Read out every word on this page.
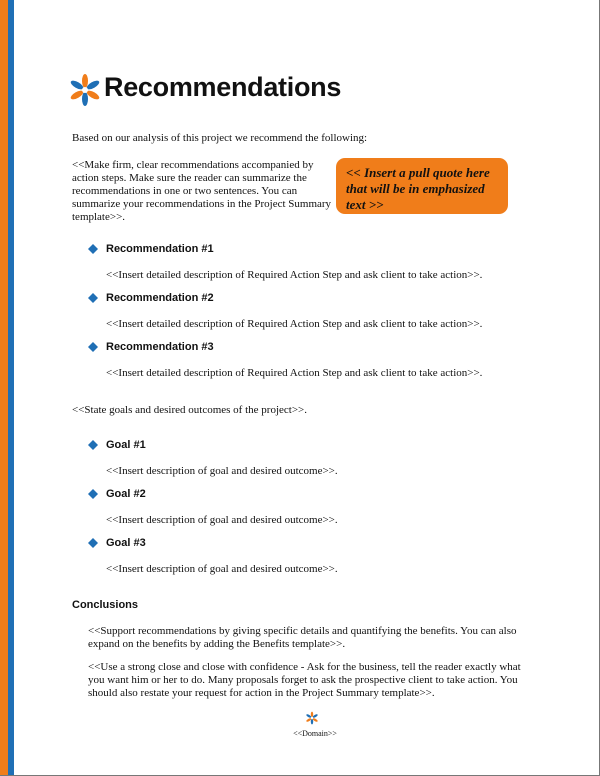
Recommendations
Based on our analysis of this project we recommend the following:
<<Make firm, clear recommendations accompanied by action steps. Make sure the reader can summarize the recommendations in one or two sentences. You can summarize your recommendations in the Project Summary template>>.
<< Insert a pull quote here that will be in emphasized text >>
Recommendation #1
<<Insert detailed description of Required Action Step and ask client to take action>>.
Recommendation #2
<<Insert detailed description of Required Action Step and ask client to take action>>.
Recommendation #3
<<Insert detailed description of Required Action Step and ask client to take action>>.
<<State goals and desired outcomes of the project>>.
Goal #1
<<Insert description of goal and desired outcome>>.
Goal #2
<<Insert description of goal and desired outcome>>.
Goal #3
<<Insert description of goal and desired outcome>>.
Conclusions
<<Support recommendations by giving specific details and quantifying the benefits. You can also expand on the benefits by adding the Benefits template>>.
<<Use a strong close and close with confidence - Ask for the business, tell the reader exactly what you want him or her to do. Many proposals forget to ask the prospective client to take action. You should also restate your request for action in the Project Summary template>>.
<<Domain>>
